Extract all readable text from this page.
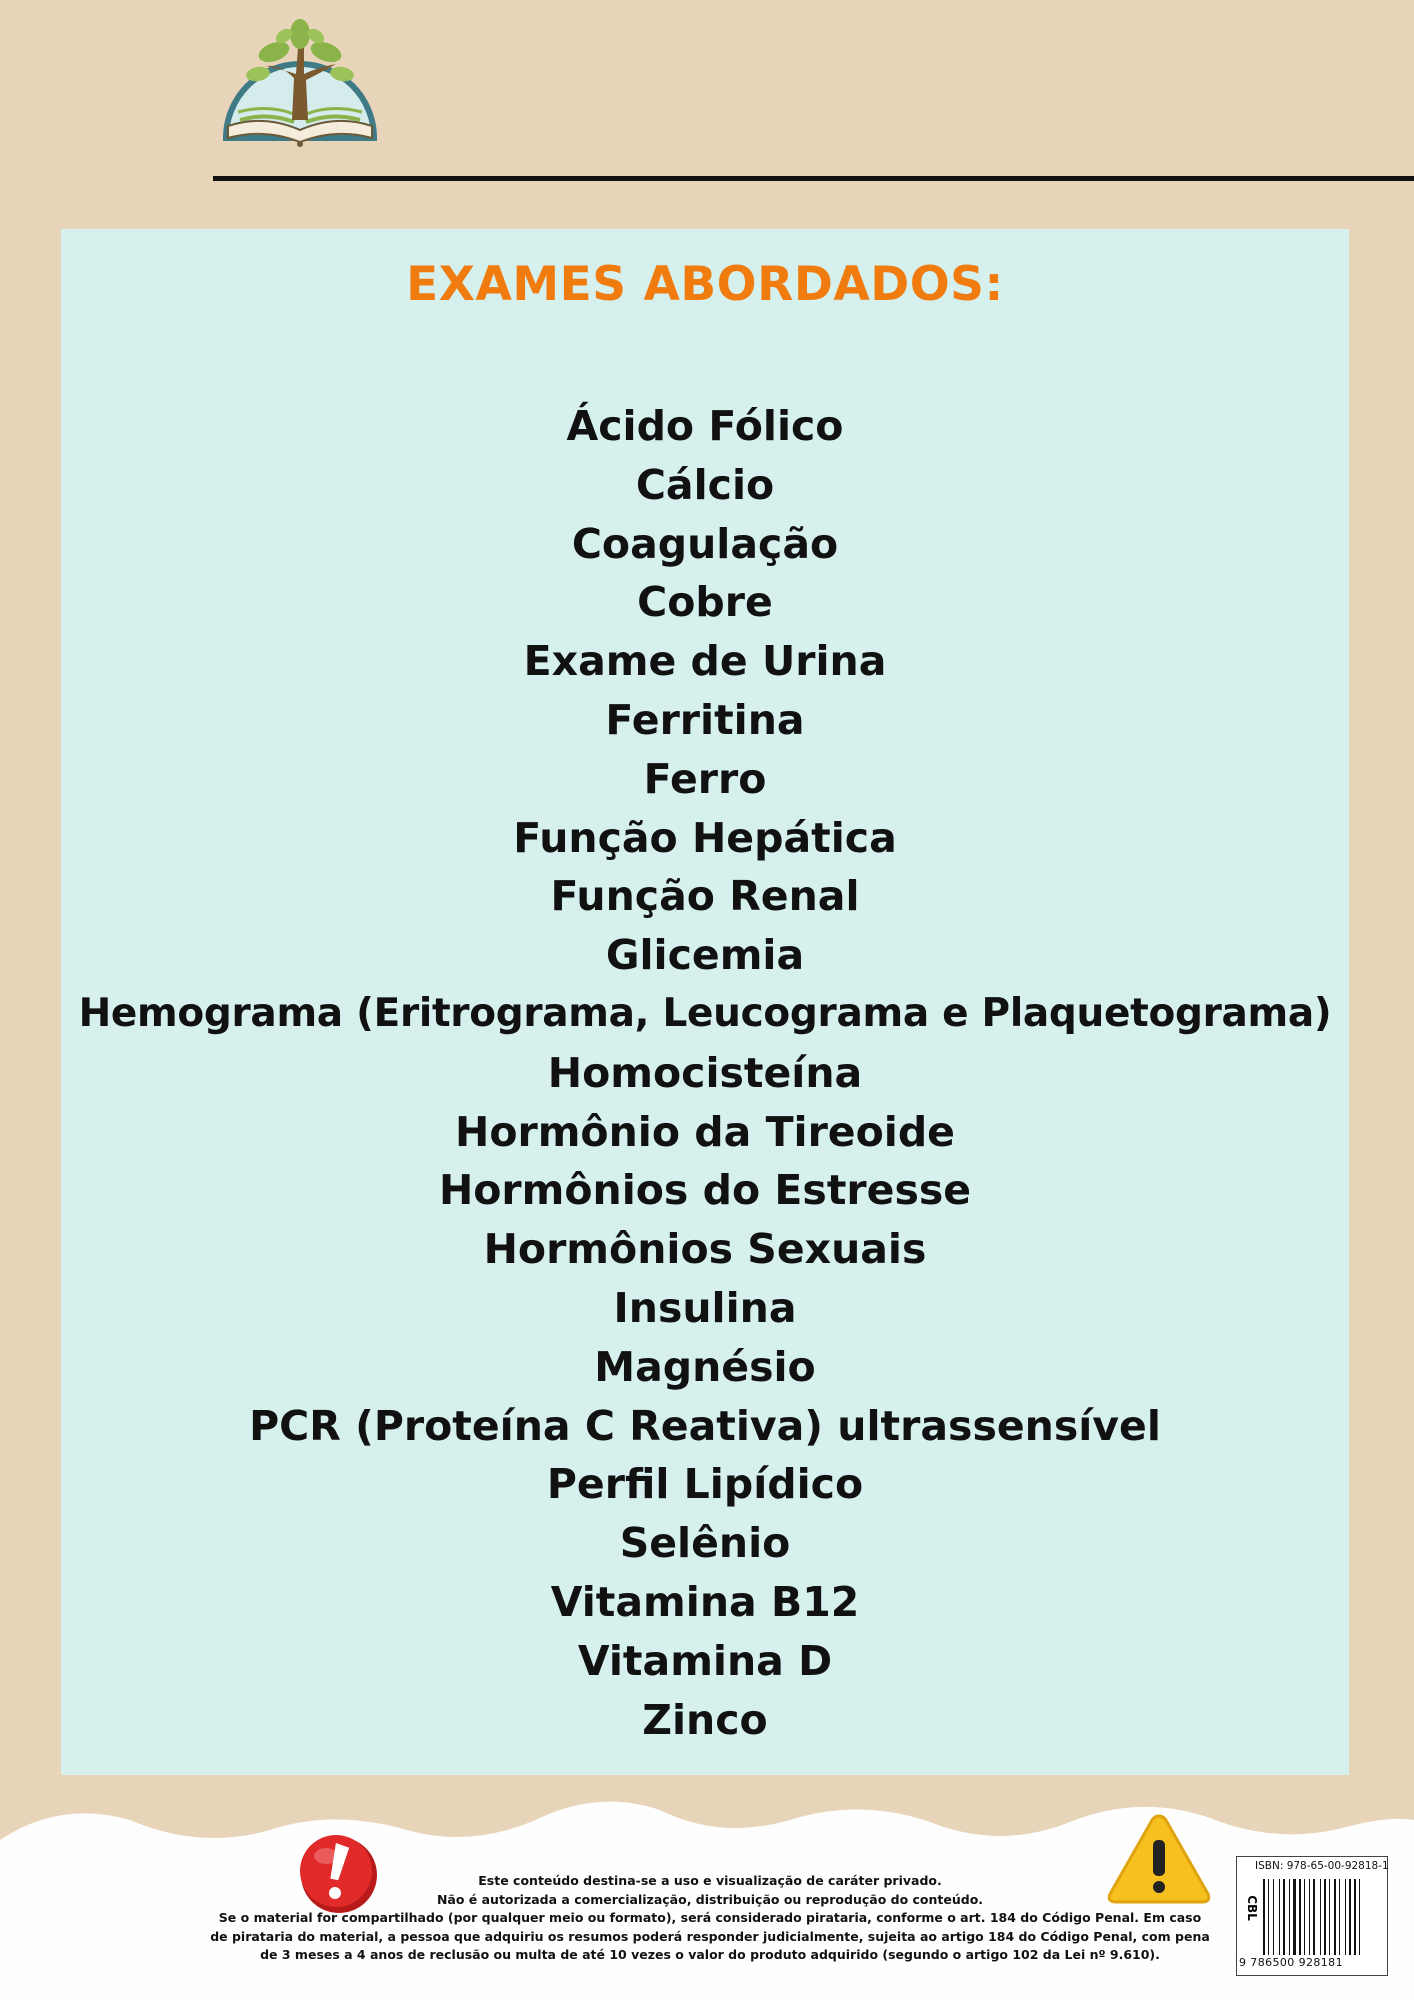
EXAMES ABORDADOS:
Ácido Fólico
Cálcio
Coagulação
Cobre
Exame de Urina
Ferritina
Ferro
Função Hepática
Função Renal
Glicemia
Hemograma (Eritrograma, Leucograma e Plaquetograma)
Homocisteína
Hormônio da Tireoide
Hormônios do Estresse
Hormônios Sexuais
Insulina
Magnésio
PCR (Proteína C Reativa) ultrassensível
Perfil Lipídico
Selênio
Vitamina B12
Vitamina D
Zinco
Este conteúdo destina-se a uso e visualização de caráter privado.
Não é autorizada a comercialização, distribuição ou reprodução do conteúdo.
Se o material for compartilhado (por qualquer meio ou formato), será considerado pirataria, conforme o art. 184 do Código Penal. Em caso de pirataria do material, a pessoa que adquiriu os resumos poderá responder judicialmente, sujeita ao artigo 184 do Código Penal, com pena de 3 meses a 4 anos de reclusão ou multa de até 10 vezes o valor do produto adquirido (segundo o artigo 102 da Lei nº 9.610).
ISBN: 978-65-00-92818-1
CBL
9 786500 928181
